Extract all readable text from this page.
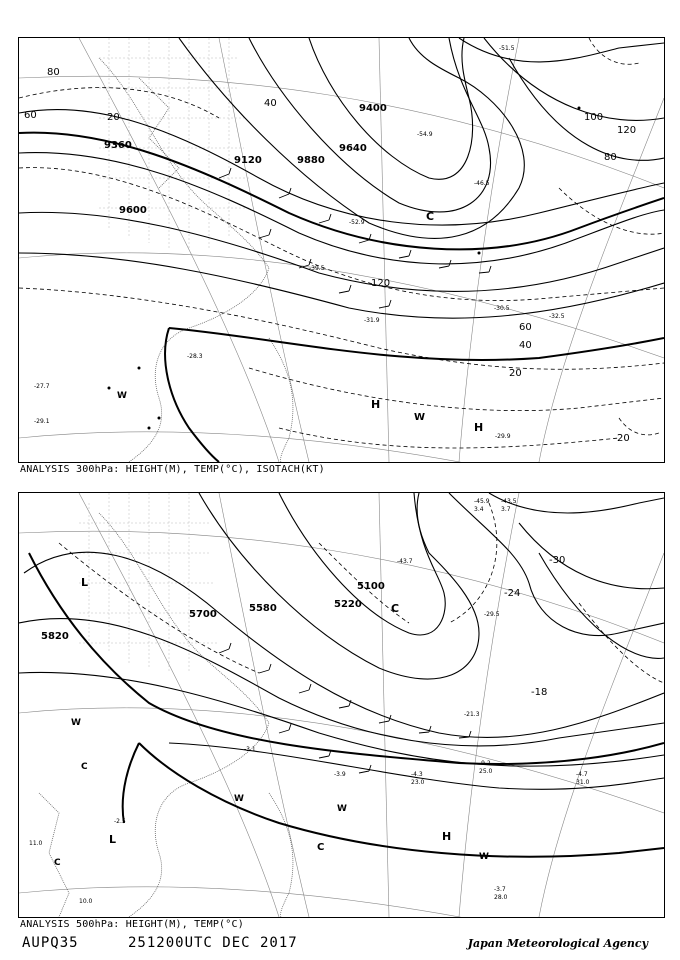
9360
9120
9600
9880
9640
9400
80
60
40
20
120
100
80
60
40
20
20
120
H
H
C
W
W
-51.5
-52.9
-54.9
-46.5
-30.5
-32.5
-28.3
-27.7
-29.1
-29.9
-31.9
-39.5
ANALYSIS 300hPa: HEIGHT(M), TEMP(°C), ISOTACH(KT)
5700
5580
5820
5100
5220
L
L	H
C
C
C
W
W
W
W
C
-45.9 -43.5
-43.7	-30
-24
-18
-9.2
-4.7
-3.7
-3.9
-3.1
-4.3
-2.5
-21.3
-29.5
3.4	3.7
25.0
31.0
28.0
23.0
10.0
11.0
ANALYSIS 500hPa: HEIGHT(M), TEMP(°C)
AUPQ35	251200UTC DEC 2017	Japan Meteorological Agency
